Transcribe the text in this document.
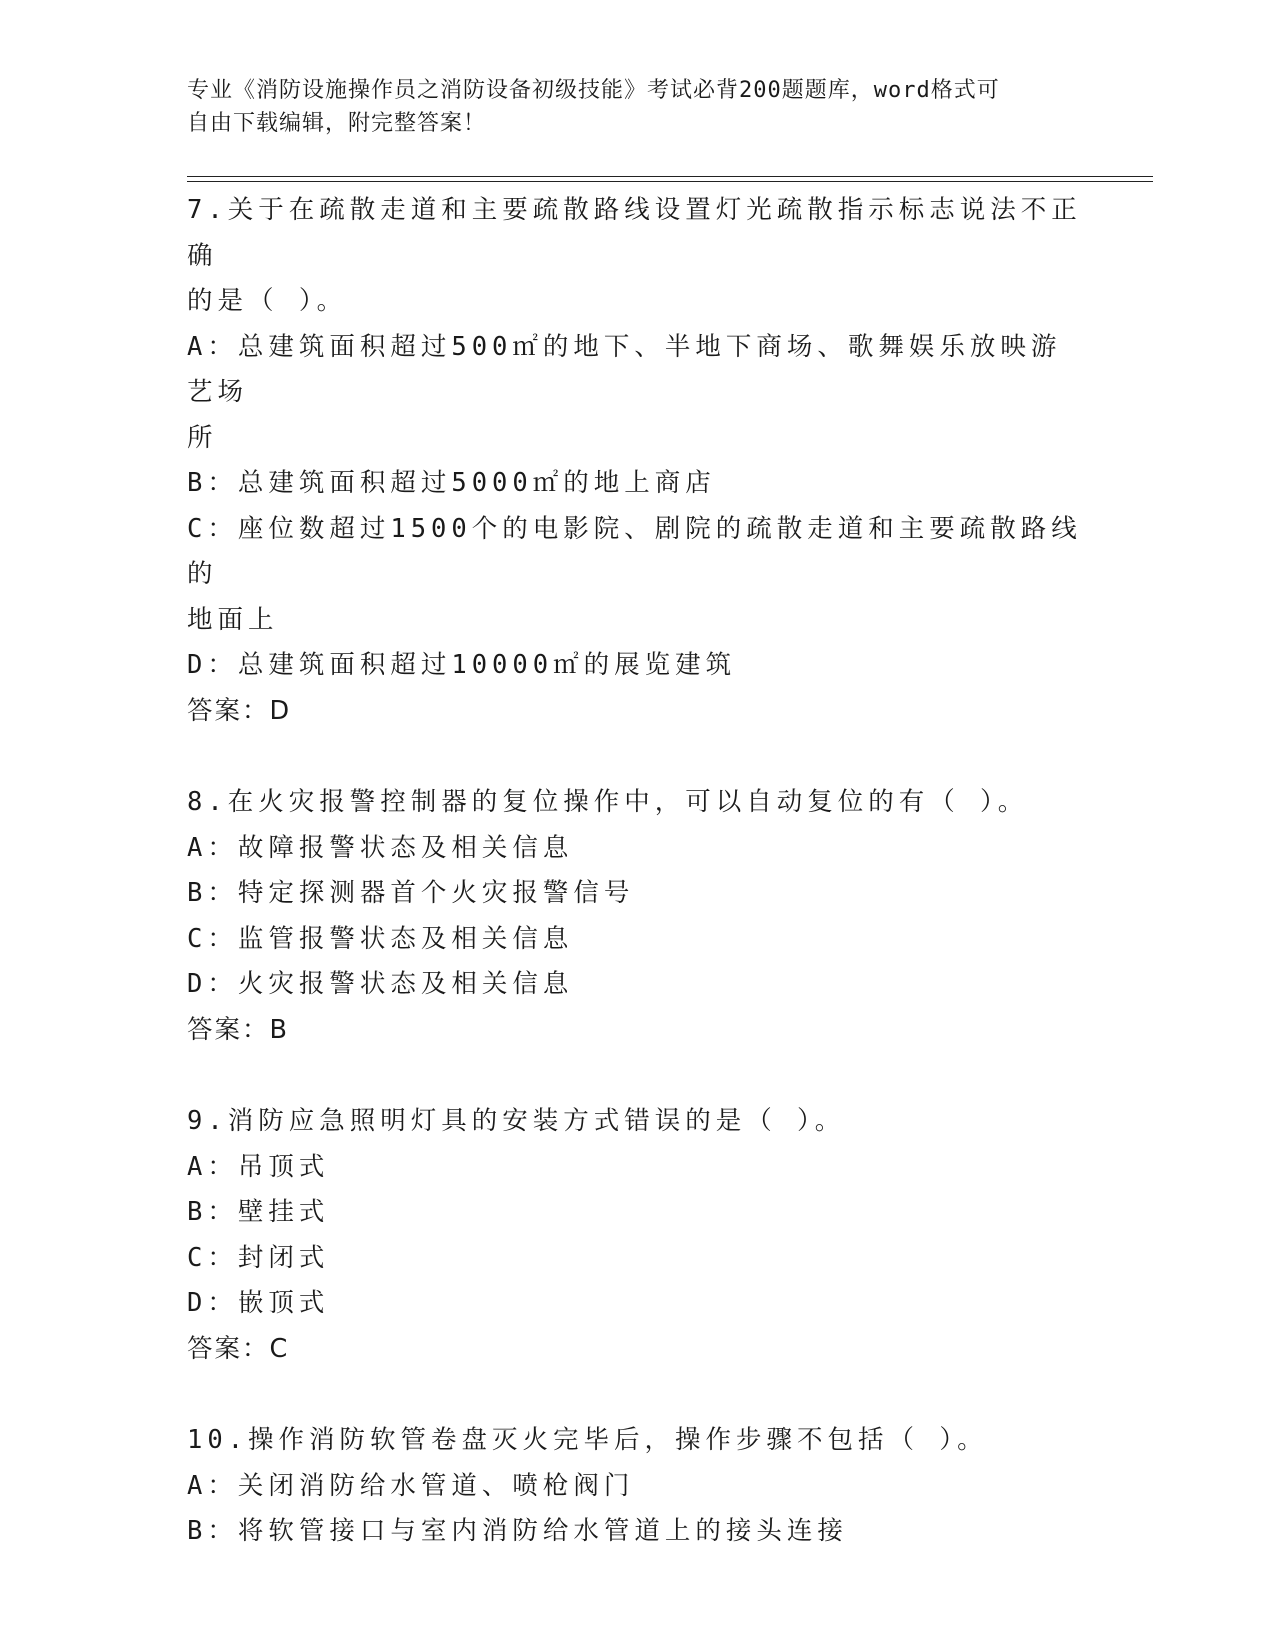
专业《消防设施操作员之消防设备初级技能》考试必背200题题库，word格式可
自由下载编辑，附完整答案！

7.关于在疏散走道和主要疏散路线设置灯光疏散指示标志说法不正确

的是（ ）。

A：总建筑面积超过500㎡的地下、半地下商场、歌舞娱乐放映游艺场

所

B：总建筑面积超过5000㎡的地上商店

C：座位数超过1500个的电影院、剧院的疏散走道和主要疏散路线的

地面上

D：总建筑面积超过10000㎡的展览建筑

答案：D

8.在火灾报警控制器的复位操作中，可以自动复位的有（ ）。

A：故障报警状态及相关信息

B：特定探测器首个火灾报警信号

C：监管报警状态及相关信息

D：火灾报警状态及相关信息

答案：B

9.消防应急照明灯具的安装方式错误的是（ ）。

A：吊顶式

B：壁挂式

C：封闭式

D：嵌顶式

答案：C

10.操作消防软管卷盘灭火完毕后，操作步骤不包括（ ）。

A：关闭消防给水管道、喷枪阀门

B：将软管接口与室内消防给水管道上的接头连接
